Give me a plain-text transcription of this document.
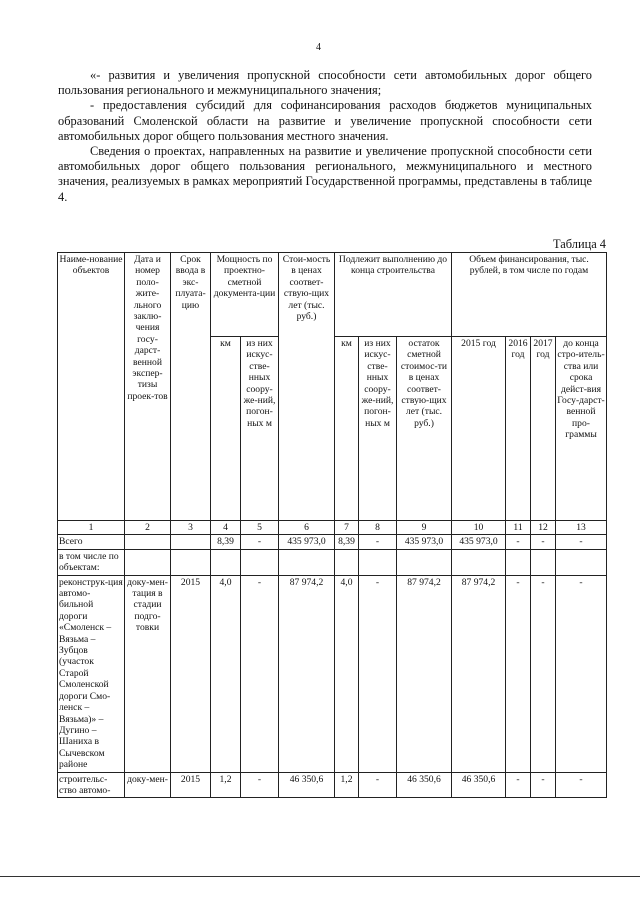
4

«- развития и увеличения пропускной способности сети автомобильных дорог общего пользования регионального и межмуниципального значения;

- предоставления субсидий для софинансирования расходов бюджетов муниципальных образований Смоленской области на развитие и увеличение пропускной способности сети автомобильных дорог общего пользования местного значения.

Сведения о проектах, направленных на развитие и увеличение пропускной способности сети автомобильных дорог общего пользования регионального, межмуниципального и местного значения, реализуемых в рамках мероприятий Государственной программы, представлены в таблице 4.

Таблица 4
Наиме-нование объектов	Дата и номер поло-жите-льного заклю-чения госу-дарст-венной экспер-тизы проек-тов	Срок ввода в экс-плуата-цию	Мощность по проектно-сметной документа-ции		Стои-мость в ценах соответ-ствую-щих лет (тыс. руб.)	Подлежит выполнению до конца строительства			Объем финансирования, тыс. рублей, в том числе по годам			
			км	из них искус-стве-нных соору-же-ний, погон-ных м		км	из них искус-стве-нных соору-же-ний, погон-ных м	остаток сметной стоимос-ти в ценах соответ-ствую-щих лет (тыс. руб.)	2015 год	2016 год	2017 год	до конца стро-итель-ства или срока дейст-вия Госу-дарст-венной про-граммы
1	2	3	4	5	6	7	8	9	10	11	12	13
Всего			8,39	-	435 973,0	8,39	-	435 973,0	435 973,0	-	-	-
в том числе по объектам:												
реконструк-ция автомо-бильной дороги «Смоленск – Вязьма – Зубцов (участок Старой Смоленской дороги Смо-ленск – Вязьма)» – Дугино – Шаниха в Сычевском районе	доку-мен-тация в стадии подго-товки	2015	4,0	-	87 974,2	4,0	-	87 974,2	87 974,2	-	-	-
строительс-ство автомо-	доку-мен-	2015	1,2	-	46 350,6	1,2	-	46 350,6	46 350,6	-	-	-
